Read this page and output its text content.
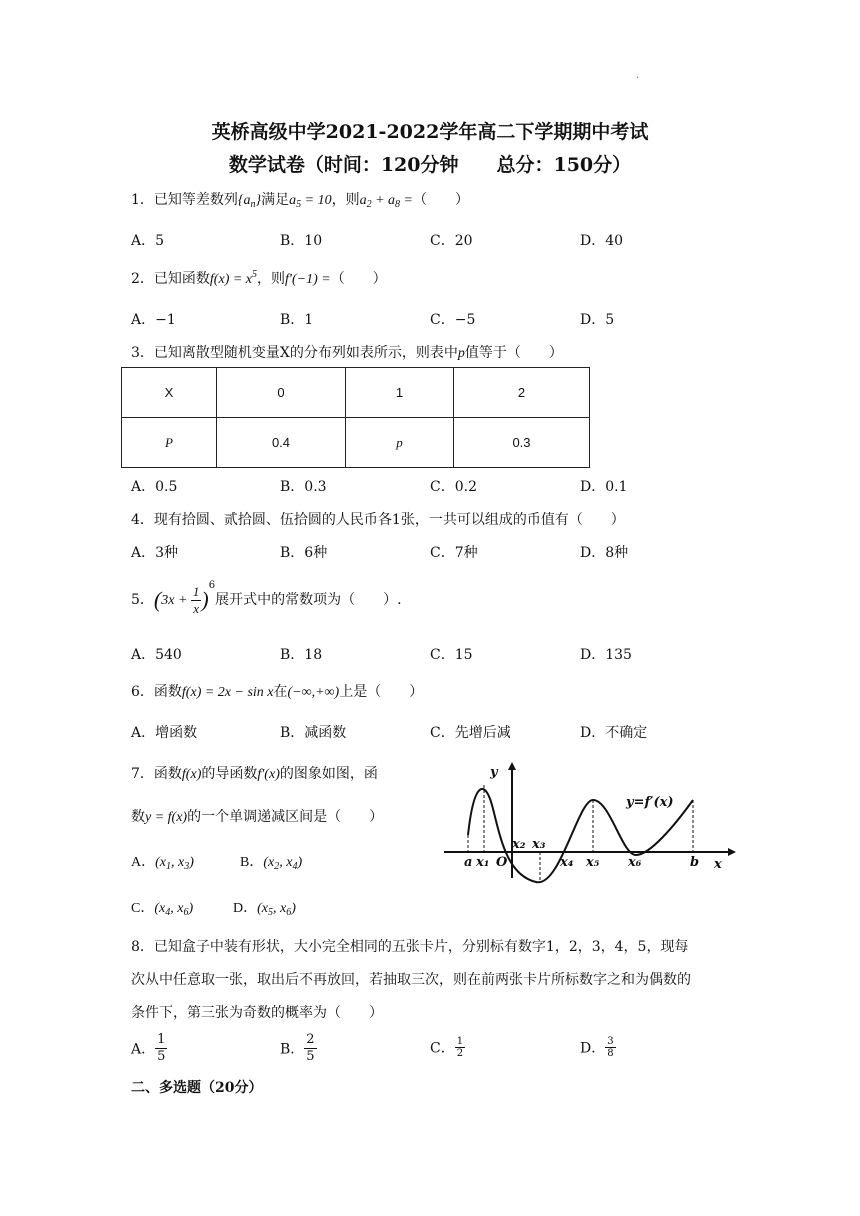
.
英桥高级中学2021-2022学年高二下学期期中考试
数学试卷（时间：120分钟　　总分：150分）
1．已知等差数列$\{a_n\}$满足$a_5 = 10$，则$a_2 + a_8$ =（　　）
A．5	B．10	C．20	D．40
2．已知函数$f(x) = x^5$，则f′(−1) =（　　）
A．−1	B．1	C．−5	D．5
3．已知离散型随机变量X的分布列如表所示，则表中p值等于（　　）
X	0	1	2
P	0.4	p	0.3
A．0.5	B．0.3	C．0.2	D．0.1
4．现有拾圆、贰拾圆、伍拾圆的人民币各1张，一共可以组成的币值有（　　）
A．3种	B．6种	C．7种	D．8种
5．$(3x + \frac{1}{x} )^6$展开式中的常数项为（　　）.
A．540	B．18	C．15	D．135
6．函数f(x) = 2x − sin x在(−∞,+∞)上是（　　）
A．增函数	B．减函数	C．先增后减	D．不确定
7．函数f(x)的导函数f′(x)的图象如图，函
数y = f(x)的一个单调递减区间是（　　）
A．($x_1$, $x_3$)	B．($x_2$, $x_4$)
C．($x_4$, $x_6$)	D．($x_5$, $x_6$)
y
x
y=f′(x)
a x₁ O
x₂ x₃
x₄ x₅ x₆	b
8．已知盒子中装有形状，大小完全相同的五张卡片，分别标有数字1，2，3，4，5，现每
次从中任意取一张，取出后不再放回，若抽取三次，则在前两张卡片所标数字之和为偶数的
条件下，第三张为奇数的概率为（　　）
A． $\frac{1}{5}$	B． $\frac{2}{5}$	C． $\frac{1}{2}$	D． $\frac{3}{8}$
二、多选题（20分）
